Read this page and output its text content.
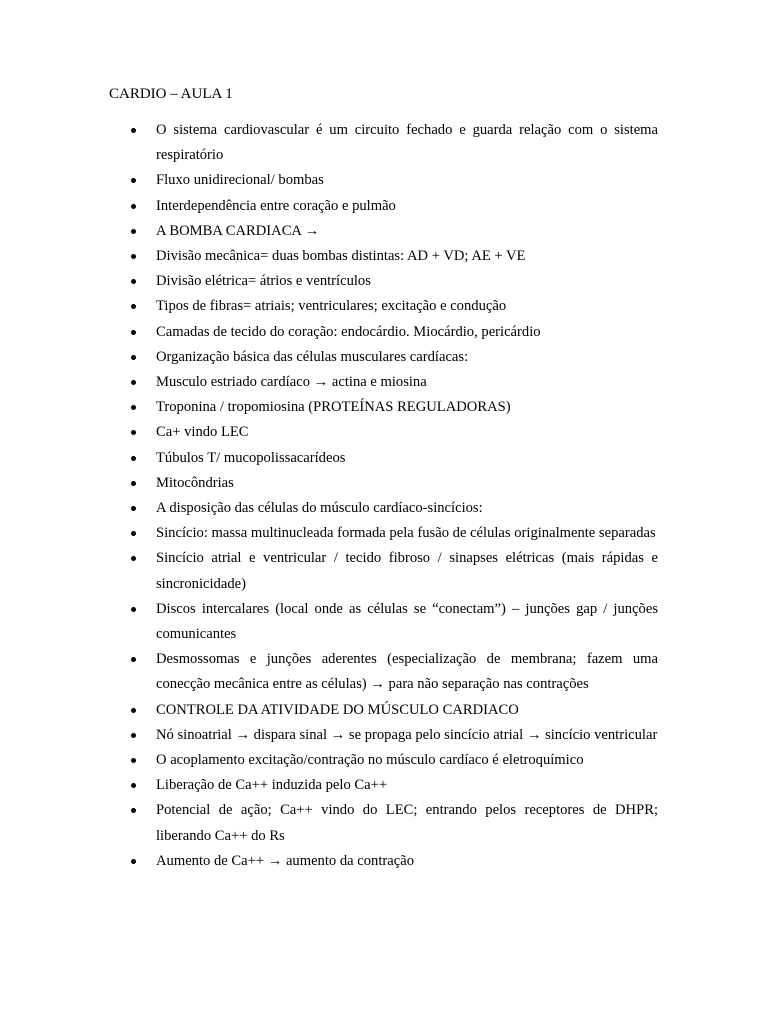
CARDIO – AULA 1
O sistema cardiovascular é um circuito fechado e guarda relação com o sistema respiratório
Fluxo unidirecional/ bombas
Interdependência entre coração e pulmão
A BOMBA CARDIACA →
Divisão mecânica= duas bombas distintas: AD + VD; AE + VE
Divisão elétrica= átrios e ventrículos
Tipos de fibras= atriais; ventriculares; excitação e condução
Camadas de tecido do coração: endocárdio. Miocárdio, pericárdio
Organização básica das células musculares cardíacas:
Musculo estriado cardíaco → actina e miosina
Troponina / tropomiosina (PROTEÍNAS REGULADORAS)
Ca+ vindo LEC
Túbulos T/ mucopolissacarídeos
Mitocôndrias
A disposição das células do músculo cardíaco-sincícios:
Sincício: massa multinucleada formada pela fusão de células originalmente separadas
Sincício atrial e ventricular / tecido fibroso / sinapses elétricas (mais rápidas e sincronicidade)
Discos intercalares (local onde as células se “conectam”) – junções gap / junções comunicantes
Desmossomas e junções aderentes (especialização de membrana; fazem uma conecção mecânica entre as células) → para não separação nas contrações
CONTROLE DA ATIVIDADE DO MÚSCULO CARDIACO
Nó sinoatrial → dispara sinal → se propaga pelo sincício atrial → sincício ventricular
O acoplamento excitação/contração no músculo cardíaco é eletroquímico
Liberação de Ca++ induzida pelo Ca++
Potencial de ação; Ca++ vindo do LEC; entrando pelos receptores de DHPR; liberando Ca++ do Rs
Aumento de Ca++ → aumento da contração
